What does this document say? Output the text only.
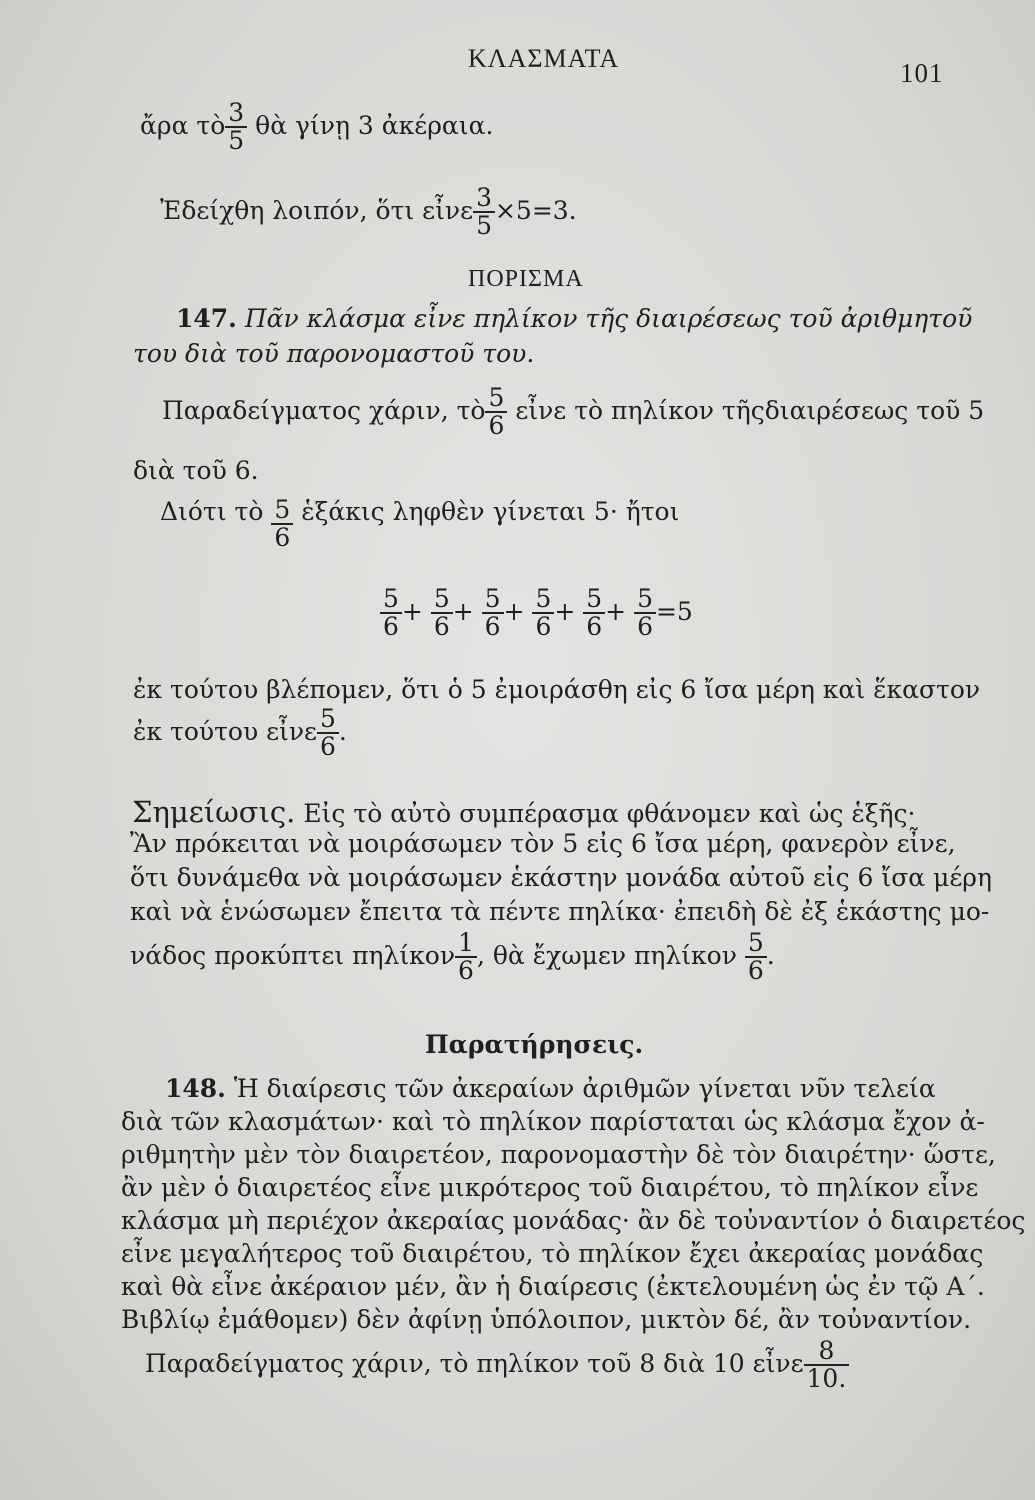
ΚΛΑΣΜΑΤΑ	101
ἄρα τὸ $\frac{3}{5}$ θὰ γίνῃ 3 ἀκέραια.
Ἐδείχθη λοιπόν, ὅτι εἶνε $\frac{3}{5} \times 5=3$.
ΠΟΡΙΣΜΑ
147. Πᾶν κλάσμα εἶνε πηλίκον τῆς διαιρέσεως τοῦ ἀριθμητοῦ
του διὰ τοῦ παρονομαστοῦ του.
Παραδείγματος χάριν, τὸ $\frac{5}{6}$ εἶνε τὸ πηλίκον τῆςδιαιρέσεως τοῦ 5
διὰ τοῦ 6.
Διότι τὸ $\frac{5}{6}$ ἑξάκις ληφθὲν γίνεται 5· ἤτοι
$\frac{5}{6} + \frac{5}{6} + \frac{5}{6} + \frac{5}{6} + \frac{5}{6} + \frac{5}{6} =5$
ἐκ τούτου βλέπομεν, ὅτι ὁ 5 ἐμοιράσθη εἰς 6 ἴσα μέρη καὶ ἕκαστον
ἐκ τούτου εἶνε $\frac{5}{6}$ .
Σημείωσις. Εἰς τὸ αὐτὸ συμπέρασμα φθάνομεν καὶ ὡς ἑξῆς·
Ἂν πρόκειται νὰ μοιράσωμεν τὸν 5 εἰς 6 ἴσα μέρη, φανερὸν εἶνε,
ὅτι δυνάμεθα νὰ μοιράσωμεν ἑκάστην μονάδα αὐτοῦ εἰς 6 ἴσα μέρη
καὶ νὰ ἑνώσωμεν ἔπειτα τὰ πέντε πηλίκα· ἐπειδὴ δὲ ἐξ ἑκάστης μο-
νάδος προκύπτει πηλίκον $\frac{1}{6}$ , θὰ ἔχωμεν πηλίκον $\frac{5}{6}$ .
Παρατήρησεις.
148. Ἡ διαίρεσις τῶν ἀκεραίων ἀριθμῶν γίνεται νῦν τελεία
διὰ τῶν κλασμάτων· καὶ τὸ πηλίκον παρίσταται ὡς κλάσμα ἔχον ἀ-
ριθμητὴν μὲν τὸν διαιρετέον, παρονομαστὴν δὲ τὸν διαιρέτην· ὥστε,
ἂν μὲν ὁ διαιρετέος εἶνε μικρότερος τοῦ διαιρέτου, τὸ πηλίκον εἶνε
κλάσμα μὴ περιέχον ἀκεραίας μονάδας· ἂν δὲ τοὐναντίον ὁ διαιρετέος
εἶνε μεγαλήτερος τοῦ διαιρέτου, τὸ πηλίκον ἔχει ἀκεραίας μονάδας
καὶ θὰ εἶνε ἀκέραιον μέν, ἂν ἡ διαίρεσις (ἐκτελουμένη ὡς ἐν τῷ Α΄.
Βιβλίῳ ἐμάθομεν) δὲν ἀφίνῃ ὑπόλοιπον, μικτὸν δέ, ἂν τοὐναντίον.
Παραδείγματος χάριν, τὸ πηλίκον τοῦ 8 διὰ 10 εἶνε $\frac{8}{10.}$
